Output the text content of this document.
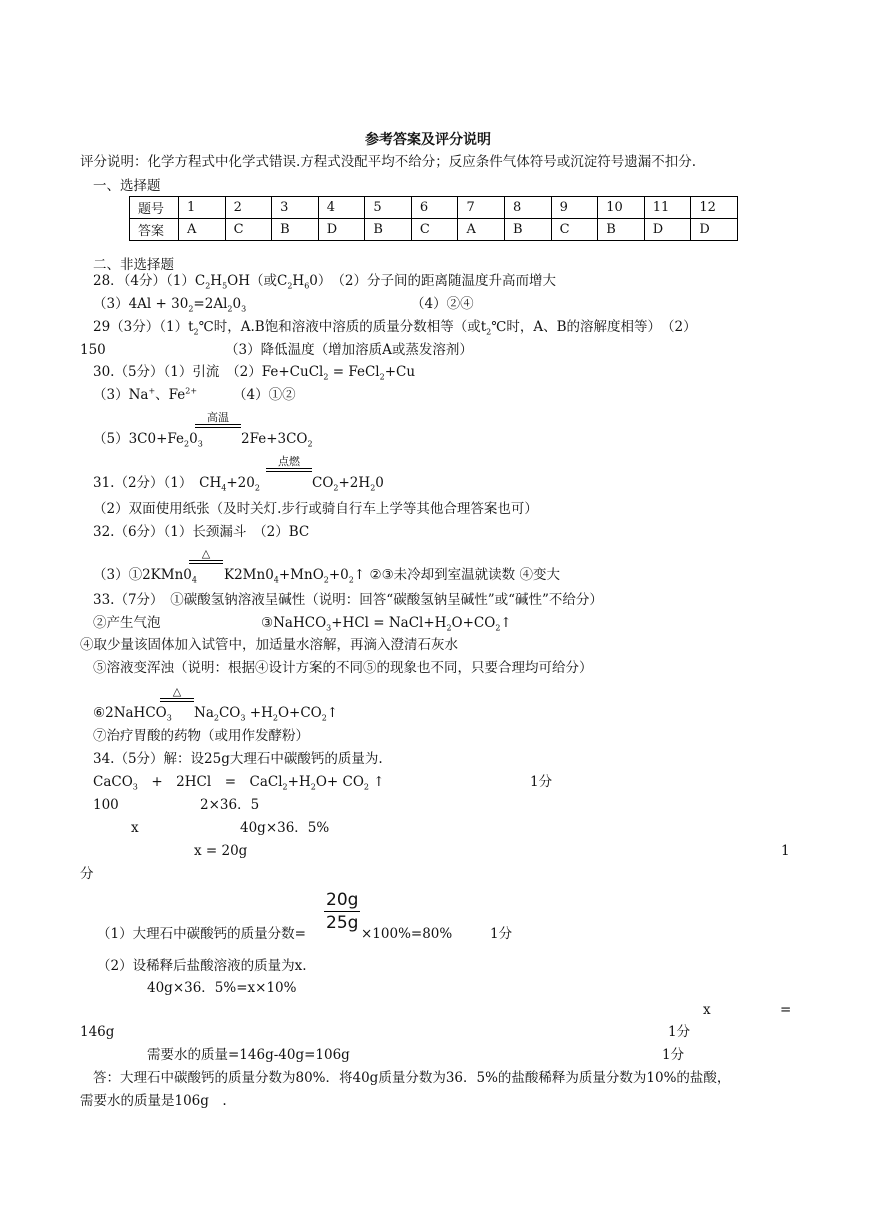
参考答案及评分说明
评分说明：化学方程式中化学式错误.方程式没配平均不给分；反应条件气体符号或沉淀符号遗漏不扣分.
一、选择题
题号	1	2	3	4	5	6	7	8	9	10	11	12
答案	A	C	B	D	B	C	A	B	C	B	D	D
二、非选择题
28．（4分）$(1)C_2H_5OH$（或$C_2H_60$）　（2）分子间的距离随温度升高而增大
$(3)4Al + 30_2=2Al_20_3$	（4）②④
29（3分）$(1)t_2℃$时，A.B饱和溶液中溶质的质量分数相等（或$t_2℃$时，A、B的溶解度相等）　（2）
150	（3）降低温度（增加溶质A或蒸发溶剂）
30.（5分）（1）引流　（2）Fe+CuCl$_2$ = FeCl$_2$+Cu
（3）Na+、$Fe^{2+}$	（4）①②
$(5)3C0+Fe_20_3$
高温
$2Fe+3CO_2$
31.（2分）（1）　$CH_4+20_2$
点燃
$CO_2+2H_20$
（2）双面使用纸张（及时关灯.步行或骑自行车上学等其他合理答案也可）
32.（6分）（1）长颈漏斗　（2）BC
$(3)①2KMn0_4$
△
$K2Mn0_4+MnO_2+0_2↑$ ②③未冷却到室温就读数 ④变大
33.（7分）　①碳酸氢钠溶液呈碱性（说明：回答“碳酸氢钠呈碱性”或“碱性”不给分）
②产生气泡	③NaHCO$_3$+HCl = $NaCl+H_2O+CO_2↑$
④取少量该固体加入试管中，加适量水溶解，再滴入澄清石灰水
⑤溶液变浑浊（说明：根据④设计方案的不同⑤的现象也不同，只要合理均可给分）
⑥2NaHCO$_3$
△
$Na_2CO_3$ $+H_2O+CO_2↑$
⑦治疗胃酸的药物（或用作发酵粉）
34.（5分）解：设25g大理石中碳酸钙的质量为.
CaCO$_3$　+　2HCl　=　$CaCl_2+H_2O+ CO_2$ ↑	1分
100	2×36．5
x	40g×36．5%
x = 20g	1
分
（1）大理石中碳酸钙的质量分数= $\frac{20g}{25g} \times 100\%=80\%$	1分
（2）设稀释后盐酸溶液的质量为x.
40g×36．5%=x×10%
x	=
146g	1分
需要水的质量=146g-40g=106g	1分
答：大理石中碳酸钙的质量分数为80%．将40g质量分数为36．5%的盐酸稀释为质量分数为10%的盐酸，
需要水的质量是106g　.
